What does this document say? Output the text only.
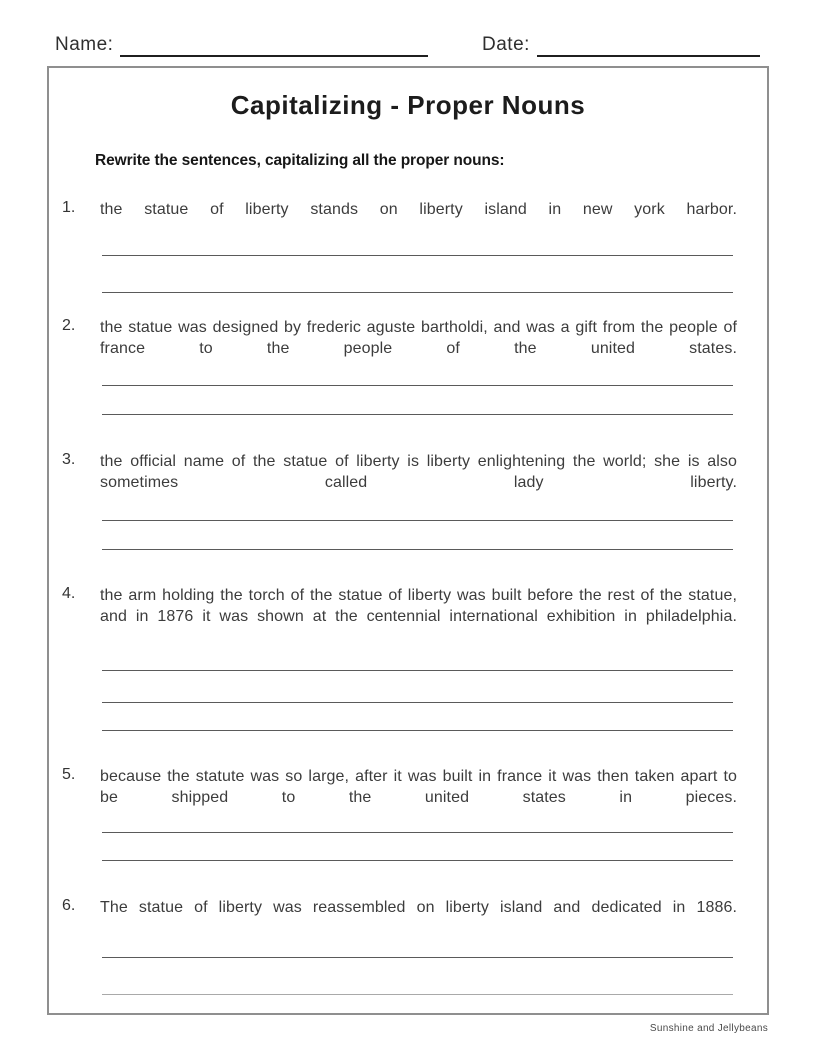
Name:	Date:
Capitalizing - Proper Nouns
Rewrite the sentences, capitalizing all the proper nouns:
1.	the statue of liberty stands on liberty island in new york harbor.

2.	the statue was designed by frederic aguste bartholdi, and was a gift from the people of france to the people of the united states.

3.	the official name of the statue of liberty is liberty enlightening the world; she is also sometimes called lady liberty.

4.	the arm holding the torch of the statue of liberty was built before the rest of the statue, and in 1876 it was shown at the centennial international exhibition in philadelphia.

5.	because the statute was so large, after it was built in france it was then taken apart to be shipped to the united states in pieces.

6.	The statue of liberty was reassembled on liberty island and dedicated in 1886.

Sunshine and Jellybeans
